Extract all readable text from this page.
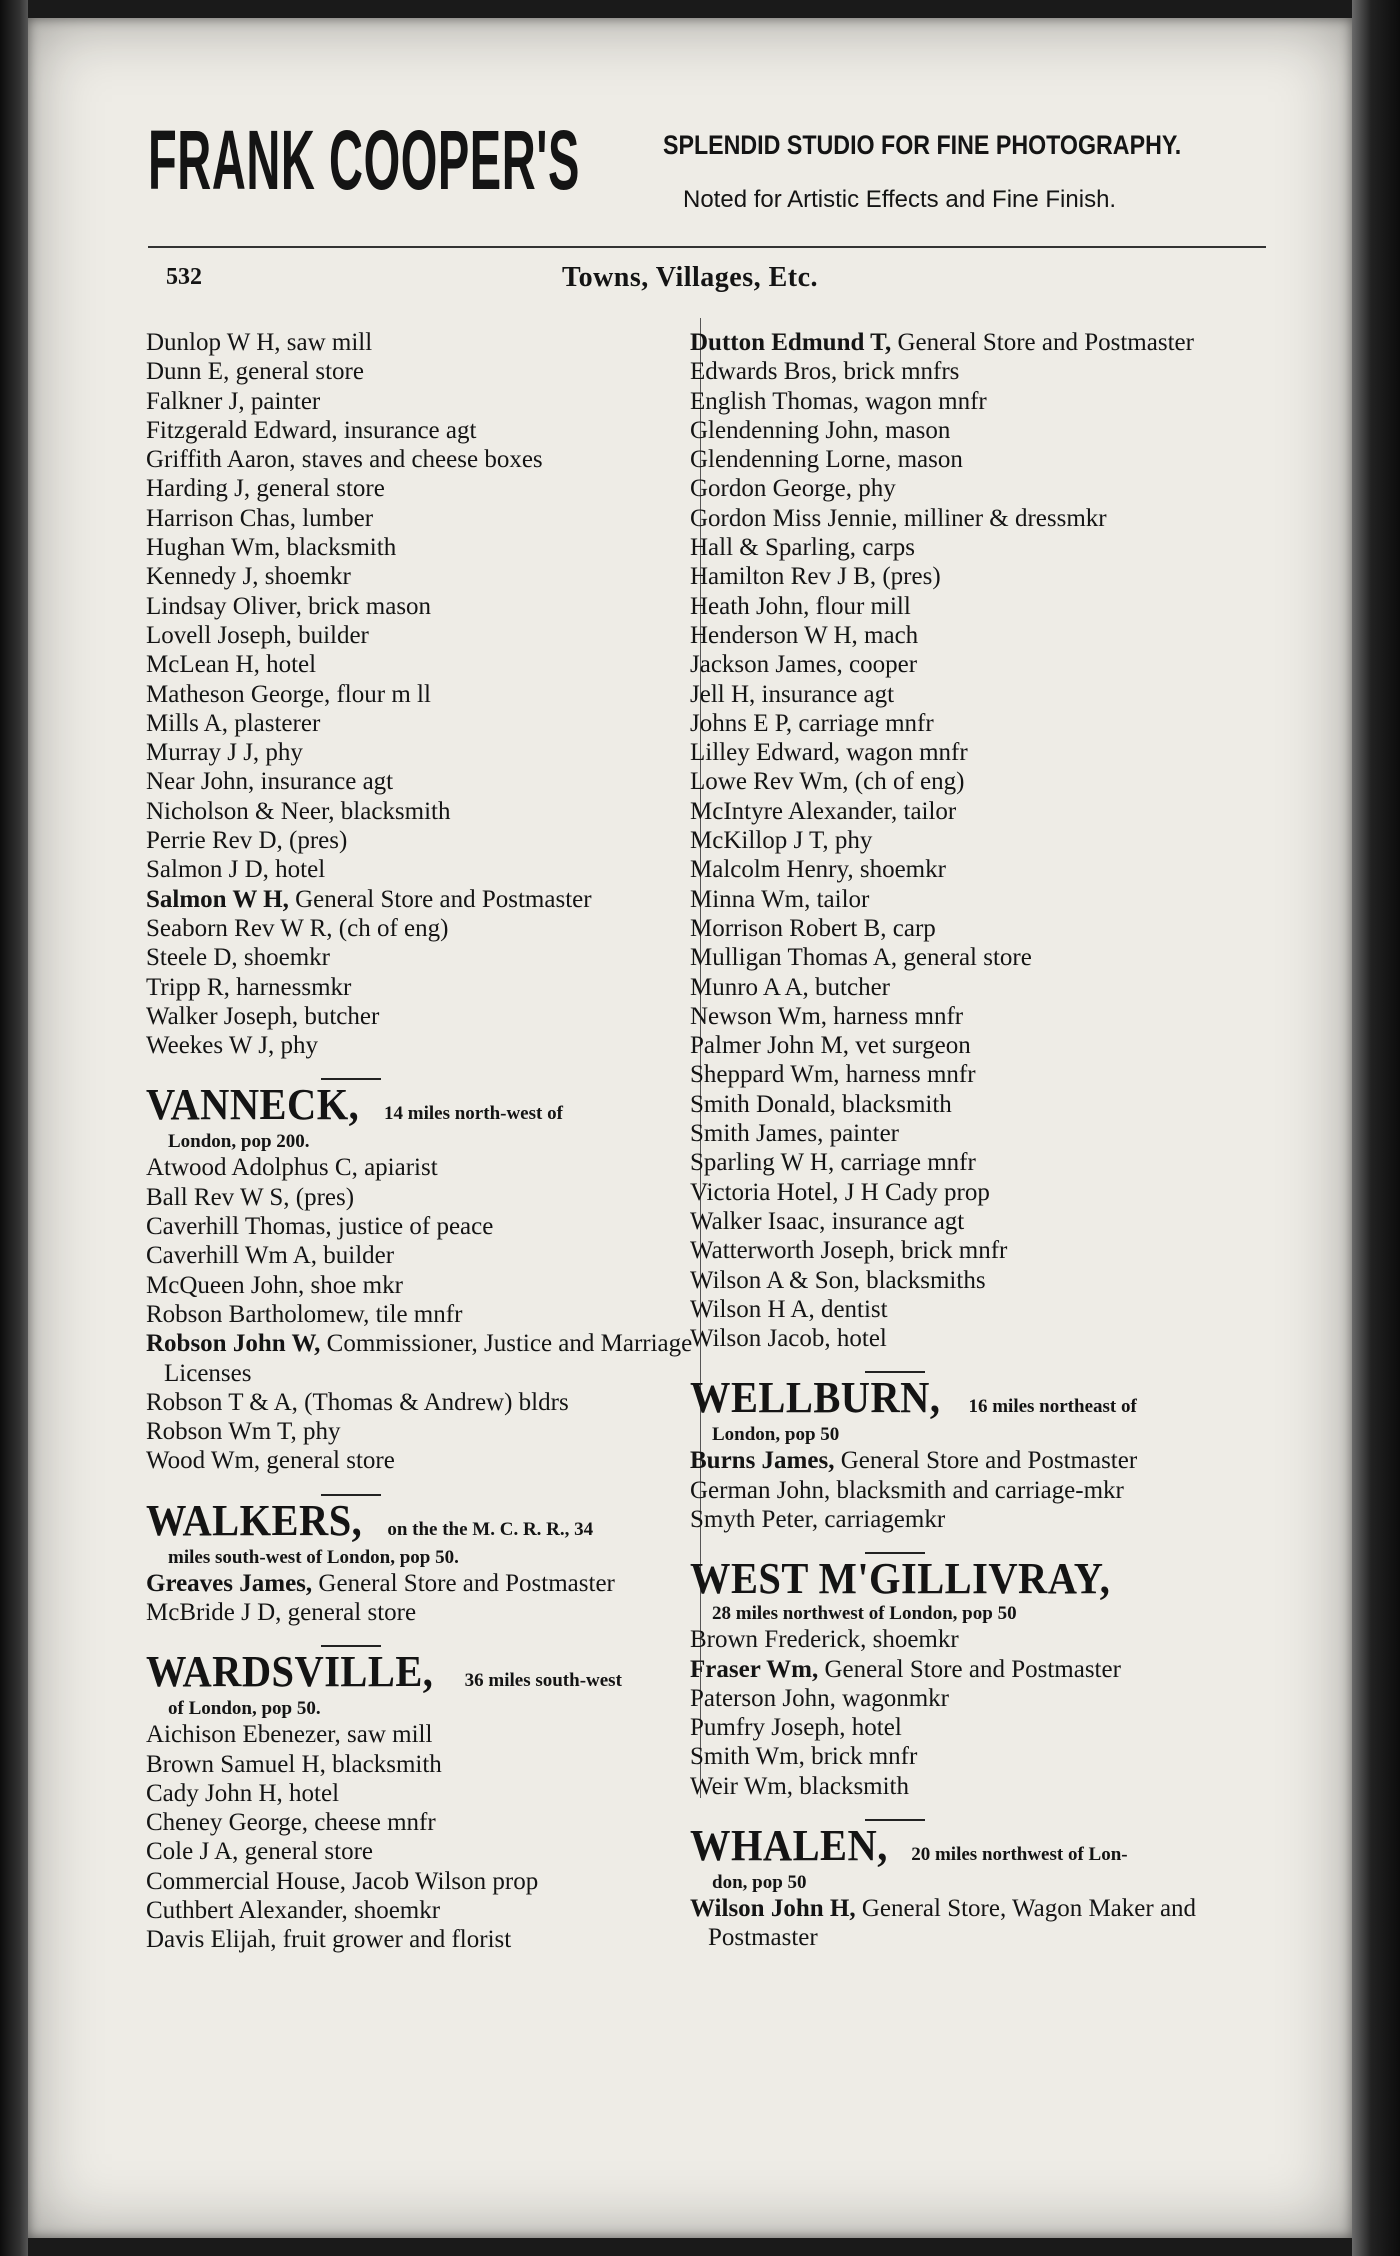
FRANK COOPER'S	SPLENDID STUDIO FOR FINE PHOTOGRAPHY.
Noted for Artistic Effects and Fine Finish.
532	Towns, Villages, Etc.
Dunlop W H, saw mill
Dunn E, general store
Falkner J, painter
Fitzgerald Edward, insurance agt
Griffith Aaron, staves and cheese boxes
Harding J, general store
Harrison Chas, lumber
Hughan Wm, blacksmith
Kennedy J, shoemkr
Lindsay Oliver, brick mason
Lovell Joseph, builder
McLean H, hotel
Matheson George, flour m ll
Mills A, plasterer
Murray J J, phy
Near John, insurance agt
Nicholson & Neer, blacksmith
Perrie Rev D, (pres)
Salmon J D, hotel
Salmon W H, General Store and Postmaster
Seaborn Rev W R, (ch of eng)
Steele D, shoemkr
Tripp R, harnessmkr
Walker Joseph, butcher
Weekes W J, phy
VANNECK, 14 miles north-west of
London, pop 200.
Atwood Adolphus C, apiarist
Ball Rev W S, (pres)
Caverhill Thomas, justice of peace
Caverhill Wm A, builder
McQueen John, shoe mkr
Robson Bartholomew, tile mnfr
Robson John W, Commissioner, Justice and Marriage Licenses
Robson T & A, (Thomas & Andrew) bldrs
Robson Wm T, phy
Wood Wm, general store
WALKERS, on the the M. C. R. R., 34
miles south-west of London, pop 50.
Greaves James, General Store and Postmaster
McBride J D, general store
WARDSVILLE, 36 miles south-west
of London, pop 50.
Aichison Ebenezer, saw mill
Brown Samuel H, blacksmith
Cady John H, hotel
Cheney George, cheese mnfr
Cole J A, general store
Commercial House, Jacob Wilson prop
Cuthbert Alexander, shoemkr
Davis Elijah, fruit grower and florist
Dutton Edmund T, General Store and Postmaster
Edwards Bros, brick mnfrs
English Thomas, wagon mnfr
Glendenning John, mason
Glendenning Lorne, mason
Gordon George, phy
Gordon Miss Jennie, milliner & dressmkr
Hall & Sparling, carps
Hamilton Rev J B, (pres)
Heath John, flour mill
Henderson W H, mach
Jackson James, cooper
Jell H, insurance agt
Johns E P, carriage mnfr
Lilley Edward, wagon mnfr
Lowe Rev Wm, (ch of eng)
McIntyre Alexander, tailor
McKillop J T, phy
Malcolm Henry, shoemkr
Minna Wm, tailor
Morrison Robert B, carp
Mulligan Thomas A, general store
Munro A A, butcher
Newson Wm, harness mnfr
Palmer John M, vet surgeon
Sheppard Wm, harness mnfr
Smith Donald, blacksmith
Smith James, painter
Sparling W H, carriage mnfr
Victoria Hotel, J H Cady prop
Walker Isaac, insurance agt
Watterworth Joseph, brick mnfr
Wilson A & Son, blacksmiths
Wilson H A, dentist
Wilson Jacob, hotel
WELLBURN, 16 miles northeast of
London, pop 50
Burns James, General Store and Postmaster
German John, blacksmith and carriage-mkr
Smyth Peter, carriagemkr
WEST M'GILLIVRAY,
28 miles northwest of London, pop 50
Brown Frederick, shoemkr
Fraser Wm, General Store and Postmaster
Paterson John, wagonmkr
Pumfry Joseph, hotel
Smith Wm, brick mnfr
Weir Wm, blacksmith
WHALEN, 20 miles northwest of Lon-
don, pop 50
Wilson John H, General Store, Wagon Maker and Postmaster
